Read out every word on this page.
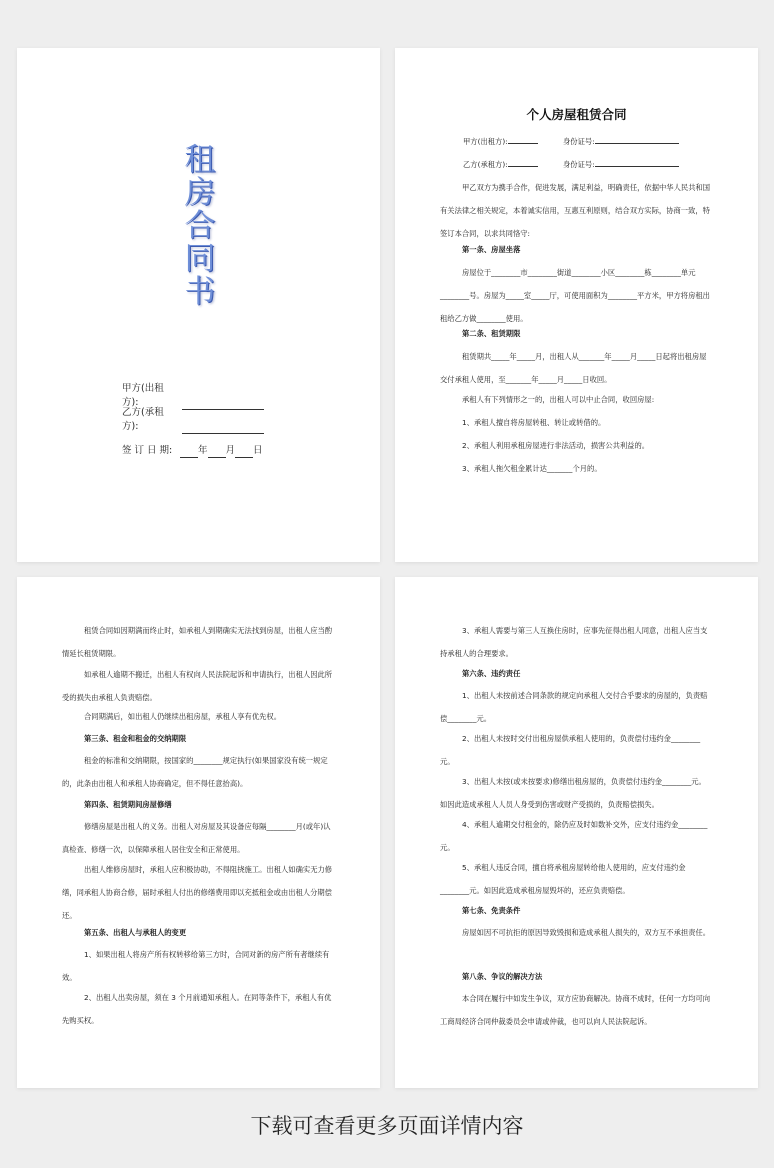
租房合同书
甲方(出租方):
乙方(承租方):
签 订 日 期:	年 月 日
个人房屋租赁合同
甲方(出租方):	身份证号:
乙方(承租方):	身份证号:
甲乙双方为携手合作，促进发展，满足利益，明确责任，依据中华人民共和国有关法律之相关规定，本着诚实信用，互惠互利原则，结合双方实际，协商一致，特签订本合同，以求共同恪守:
第一条、房屋坐落
房屋位于________市________街道________小区________栋________单元________号。房屋为_____室_____厅，可使用面积为________平方米，甲方将房租出租给乙方做________使用。
第二条、租赁期限
租赁期共_____年_____月，出租人从_______年_____月_____日起将出租房屋交付承租人使用，至_______年_____月_____日收回。
承租人有下列情形之一的，出租人可以中止合同，收回房屋:
1、承租人擅自将房屋转租、转让或转借的。
2、承租人利用承租房屋进行非法活动，损害公共利益的。
3、承租人拖欠租金累计达_______个月的。
租赁合同如因期满而终止时，如承租人到期确实无法找到房屋，出租人应当酌情延长租赁期限。
如承租人逾期不搬迁，出租人有权向人民法院起诉和申请执行，出租人因此所受的损失由承租人负责赔偿。
合同期满后，如出租人仍继续出租房屋，承租人享有优先权。
第三条、租金和租金的交纳期限
租金的标准和交纳期限，按国家的________规定执行(如果国家没有统一规定的，此条由出租人和承租人协商确定，但不得任意抬高)。
第四条、租赁期间房屋修缮
修缮房屋是出租人的义务。出租人对房屋及其设备应每隔________月(或年)认真检查、修缮一次，以保障承租人居住安全和正常使用。
出租人维修房屋时，承租人应积极协助，不得阻挠施工。出租人如确实无力修缮，同承租人协商合修，届时承租人付出的修缮费用即以充抵租金或由出租人分期偿还。
第五条、出租人与承租人的变更
1、如果出租人将房产所有权转移给第三方时，合同对新的房产所有者继续有效。
2、出租人出卖房屋，须在 3 个月前通知承租人。在同等条件下，承租人有优先购买权。
3、承租人需要与第三人互换住房时，应事先征得出租人同意，出租人应当支持承租人的合理要求。
第六条、违约责任
1、出租人未按前述合同条款的规定向承租人交付合乎要求的房屋的，负责赔偿________元。
2、出租人未按时交付出租房屋供承租人使用的，负责偿付违约金________元。
3、出租人未按(或未按要求)修缮出租房屋的，负责偿付违约金________元。如因此造成承租人人员人身受到伤害或财产受损的，负责赔偿损失。
4、承租人逾期交付租金的，除仍应及时如数补交外，应支付违约金________元。
5、承租人违反合同，擅自将承租房屋转给他人使用的，应支付违约金________元。如因此造成承租房屋毁坏的，还应负责赔偿。
第七条、免责条件
房屋如因不可抗拒的原因导致毁损和造成承租人损失的，双方互不承担责任。
第八条、争议的解决方法
本合同在履行中如发生争议，双方应协商解决。协商不成时，任何一方均可向工商局经济合同仲裁委员会申请或仲裁，也可以向人民法院起诉。
下载可查看更多页面详情内容
